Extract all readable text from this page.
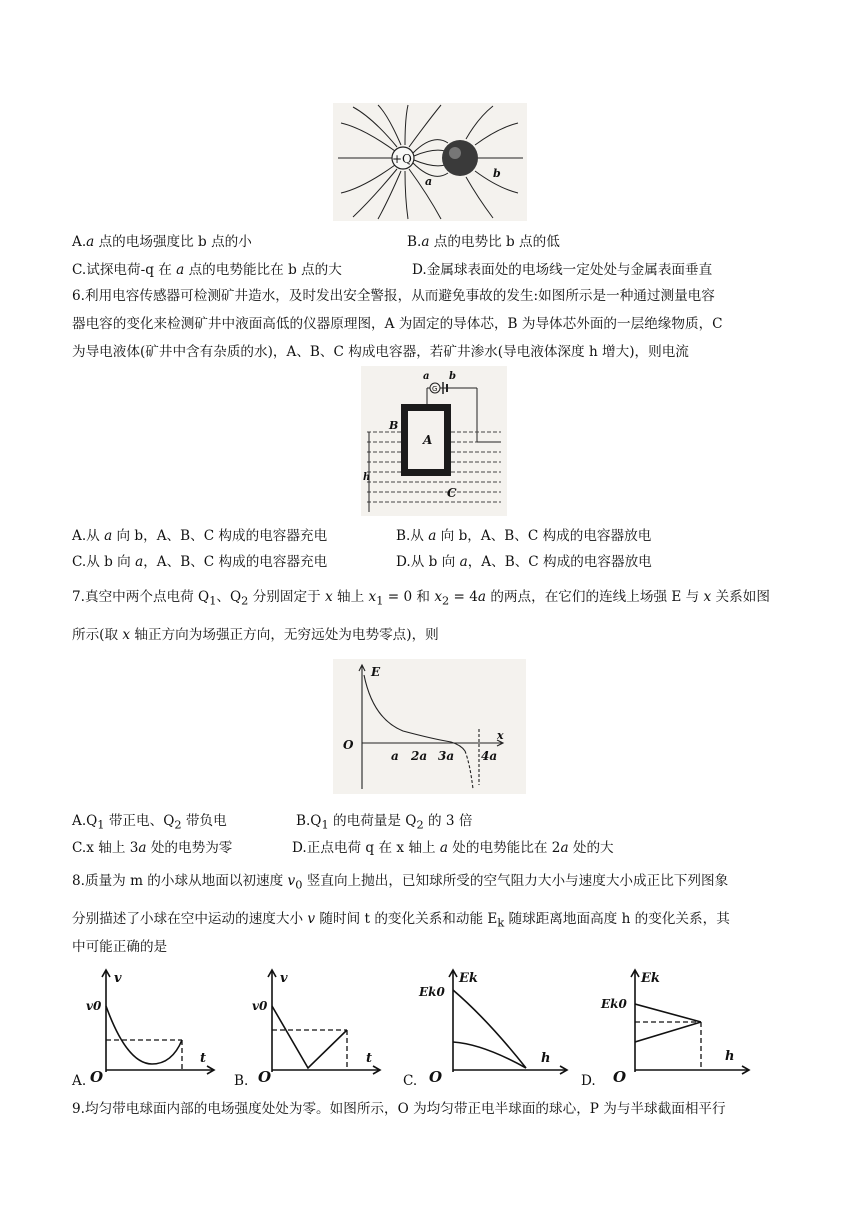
+Q
a
b
A.a 点的电场强度比 b 点的小	B.a 点的电势比 b 点的低
C.试探电荷-q 在 a 点的电势能比在 b 点的大	D.金属球表面处的电场线一定处处与金属表面垂直
6.利用电容传感器可检测矿井造水，及时发出安全警报，从而避免事故的发生:如图所示是一种通过测量电容
器电容的变化来检测矿井中液面高低的仪器原理图，A 为固定的导体芯，B 为导体芯外面的一层绝缘物质，C
为导电液体(矿井中含有杂质的水)，A、B、C 构成电容器，若矿井渗水(导电液体深度 h 增大)，则电流
a
G
b
B
A
h
C
A.从 a 向 b，A、B、C 构成的电容器充电	B.从 a 向 b，A、B、C 构成的电容器放电
C.从 b 向 a，A、B、C 构成的电容器充电	D.从 b 向 a，A、B、C 构成的电容器放电
7.真空中两个点电荷 $Q_1$、$Q_2$ 分别固定于 x 轴上 $x_1 = 0$ 和 $x_2 = 4a$ 的两点，在它们的连线上场强 E 与 x 关系如图
所示(取 x 轴正方向为场强正方向，无穷远处为电势零点)，则
E
x
O
a 2a 3a 4a
$A.Q_1$ 带正电、$Q_2$ 带负电	$B.Q_1$ 的电荷量是 $Q_2$ 的 3 倍
C.x 轴上 3a 处的电势为零	D.正点电荷 q 在 x 轴上 a 处的电势能比在 2a 处的大
8.质量为 m 的小球从地面以初速度 $v_0$ 竖直向上抛出，已知球所受的空气阻力大小与速度大小成正比下列图象
分别描述了小球在空中运动的速度大小 v 随时间 t 的变化关系和动能 $E_k$ 随球距离地面高度 h 的变化关系，其
中可能正确的是
A.
v
v0
t
O	B.
v
v0
t
O	C.
Ek
Ek0
h
O	D.
Ek
Ek0
h
O
9.均匀带电球面内部的电场强度处处为零。如图所示，O 为均匀带正电半球面的球心，P 为与半球截面相平行
